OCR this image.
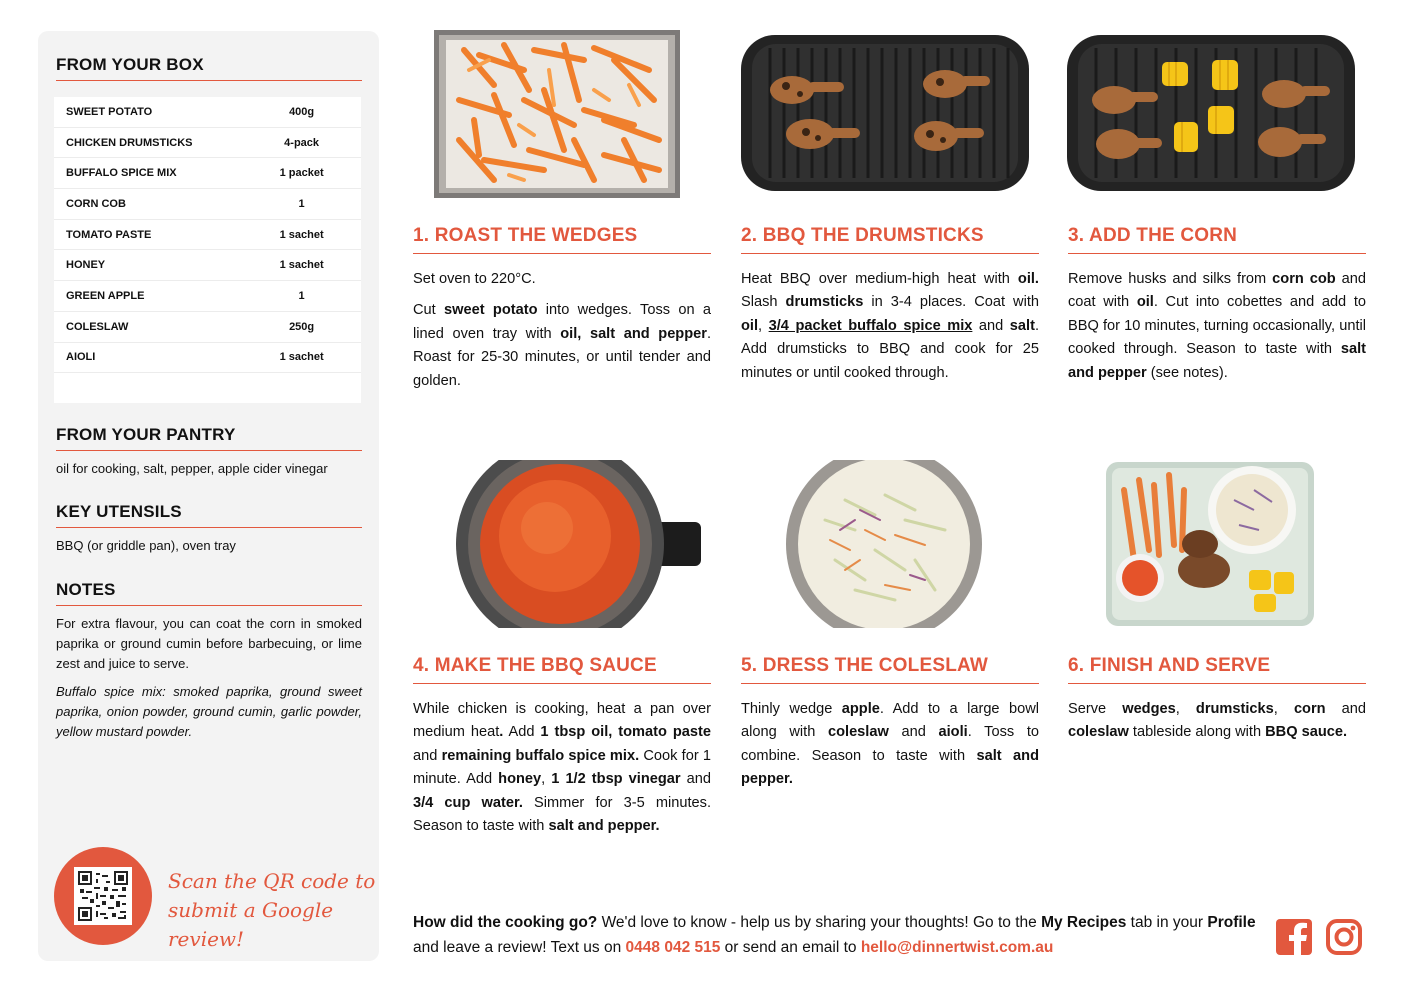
FROM YOUR BOX
SWEET POTATO	400g
CHICKEN DRUMSTICKS	4-pack
BUFFALO SPICE MIX	1 packet
CORN COB	1
TOMATO PASTE	1 sachet
HONEY	1 sachet
GREEN APPLE	1
COLESLAW	250g
AIOLI	1 sachet
FROM YOUR PANTRY
oil for cooking, salt, pepper, apple cider vinegar
KEY UTENSILS
BBQ (or griddle pan), oven tray
NOTES
For extra flavour, you can coat the corn in smoked paprika or ground cumin before barbecuing, or lime zest and juice to serve.
Buffalo spice mix: smoked paprika, ground sweet paprika, onion powder, ground cumin, garlic powder, yellow mustard powder.
Scan the QR code to
submit a Google review!
1. ROAST THE WEDGES

Set oven to 220°C.

Cut sweet potato into wedges. Toss on a lined oven tray with oil, salt and pepper. Roast for 25-30 minutes, or until tender and golden.

2. BBQ THE DRUMSTICKS

Heat BBQ over medium-high heat with oil. Slash drumsticks in 3-4 places. Coat with oil, 3/4 packet buffalo spice mix and salt. Add drumsticks to BBQ and cook for 25 minutes or until cooked through.

3. ADD THE CORN

Remove husks and silks from corn cob and coat with oil. Cut into cobettes and add to BBQ for 10 minutes, turning occasionally, until cooked through. Season to taste with salt and pepper (see notes).

4. MAKE THE BBQ SAUCE

While chicken is cooking, heat a pan over medium heat. Add 1 tbsp oil, tomato paste and remaining buffalo spice mix. Cook for 1 minute. Add honey, 1 1/2 tbsp vinegar and 3/4 cup water. Simmer for 3-5 minutes. Season to taste with salt and pepper.

5. DRESS THE COLESLAW

Thinly wedge apple. Add to a large bowl along with coleslaw and aioli. Toss to combine. Season to taste with salt and pepper.

6. FINISH AND SERVE

Serve wedges, drumsticks, corn and coleslaw tableside along with BBQ sauce.

How did the cooking go? We'd love to know - help us by sharing your thoughts! Go to the My Recipes tab in your Profile and leave a review! Text us on 0448 042 515 or send an email to hello@dinnertwist.com.au
